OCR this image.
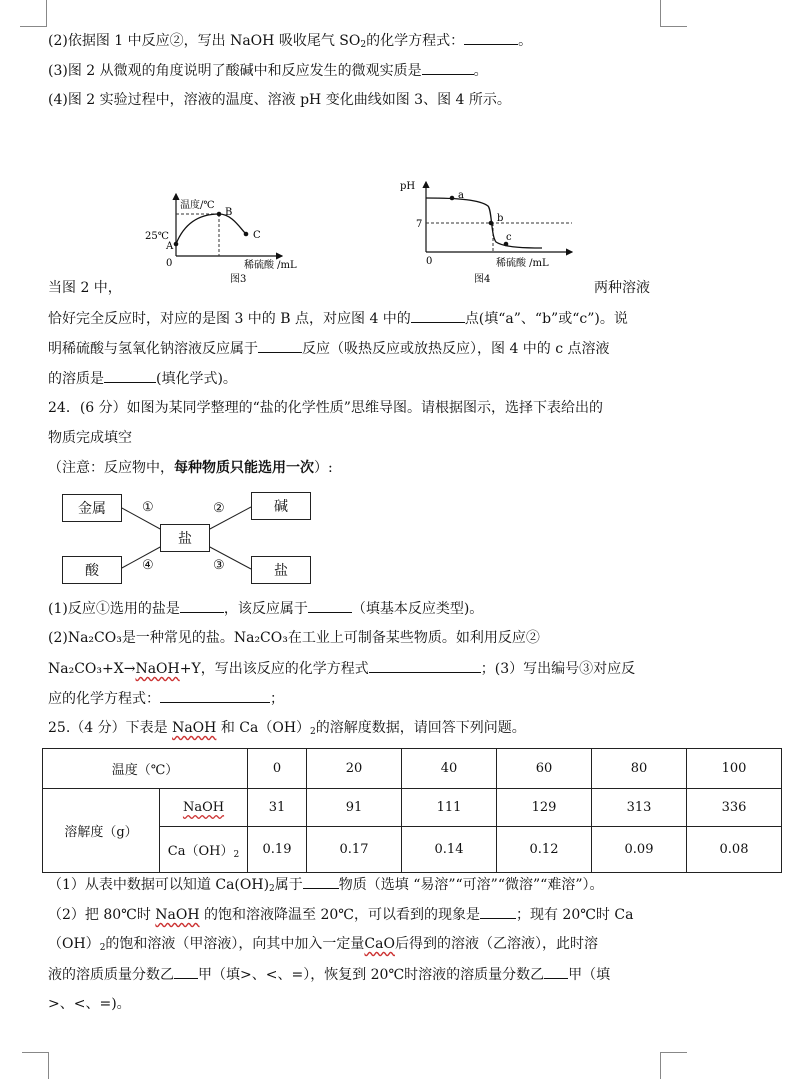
(2)依据图 1 中反应②，写出 NaOH 吸收尾气 $SO_2$的化学方程式：	。
(3)图 2 从微观的角度说明了酸碱中和反应发生的微观实质是	。
(4)图 2 实验过程中，溶液的温度、溶液 pH 变化曲线如图 3、图 4 所示。
温度/℃
25℃
A
B
C
0	稀硫酸 /mL
图3
pH
7
a
b
c
0	稀硫酸 /mL
图4
当图 2 中，	两种溶液
恰好完全反应时，对应的是图 3 中的 B 点，对应图 4 中的	点(填“a”、“b”或“c”)。说
明稀硫酸与氢氧化钠溶液反应属于	反应（吸热反应或放热反应），图 4 中的 c 点溶液
的溶质是	(填化学式)。
24．(6 分）如图为某同学整理的“盐的化学性质”思维导图。请根据图示，选择下表给出的
物质完成填空
（注意：反应物中，每种物质只能选用一次）:
金属	碱
盐
酸	盐
①	②
④	③
(1)反应①选用的盐是	，该反应属于	（填基本反应类型)。
(2)Na₂CO₃是一种常见的盐。Na₂CO₃在工业上可制备某些物质。如利用反应②
Na₂CO₃+X→NaOH+Y，写出该反应的化学方程式	；(3）写出编号③对应反
应的化学方程式：	；
25.（4 分）下表是 NaOH 和 $Ca(OH)_2$的溶解度数据，请回答下列问题。
温度（℃）		0	20	40	60	80	100
溶解度（g）	NaOH	31	91	111	129	313	336
	$Ca(OH)_2$	0.19	0.17	0.14	0.12	0.09	0.08
（1）从表中数据可以知道 $Ca(OH)_2$属于	物质（选填 “易溶”“可溶”“微溶”“难溶”）。
（2）把 80℃时 NaOH 的饱和溶液降温至 20℃，可以看到的现象是	；现有 20℃时 Ca
$(OH)_2$的饱和溶液（甲溶液），向其中加入一定量CaO后得到的溶液（乙溶液），此时溶
液的溶质质量分数乙 甲（填>、<、=），恢复到 20℃时溶液的溶质量分数乙 甲（填
>、<、=)。
